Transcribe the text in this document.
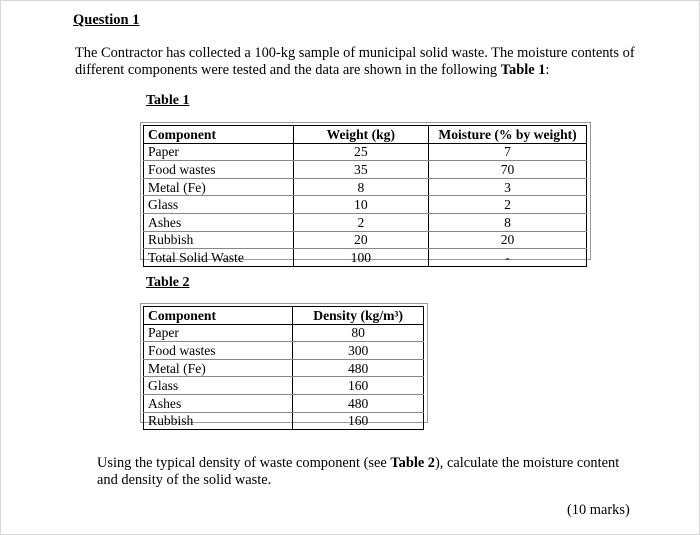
Question 1
The Contractor has collected a 100-kg sample of municipal solid waste. The moisture contents of different components were tested and the data are shown in the following Table 1:
Table 1
Component	Weight (kg)	Moisture (% by weight)
Paper	25	7
Food wastes	35	70
Metal (Fe)	8	3
Glass	10	2
Ashes	2	8
Rubbish	20	20
Total Solid Waste	100	-
Table 2
Component	Density (kg/m³)
Paper	80
Food wastes	300
Metal (Fe)	480
Glass	160
Ashes	480
Rubbish	160
Using the typical density of waste component (see Table 2), calculate the moisture content and density of the solid waste.
(10 marks)
